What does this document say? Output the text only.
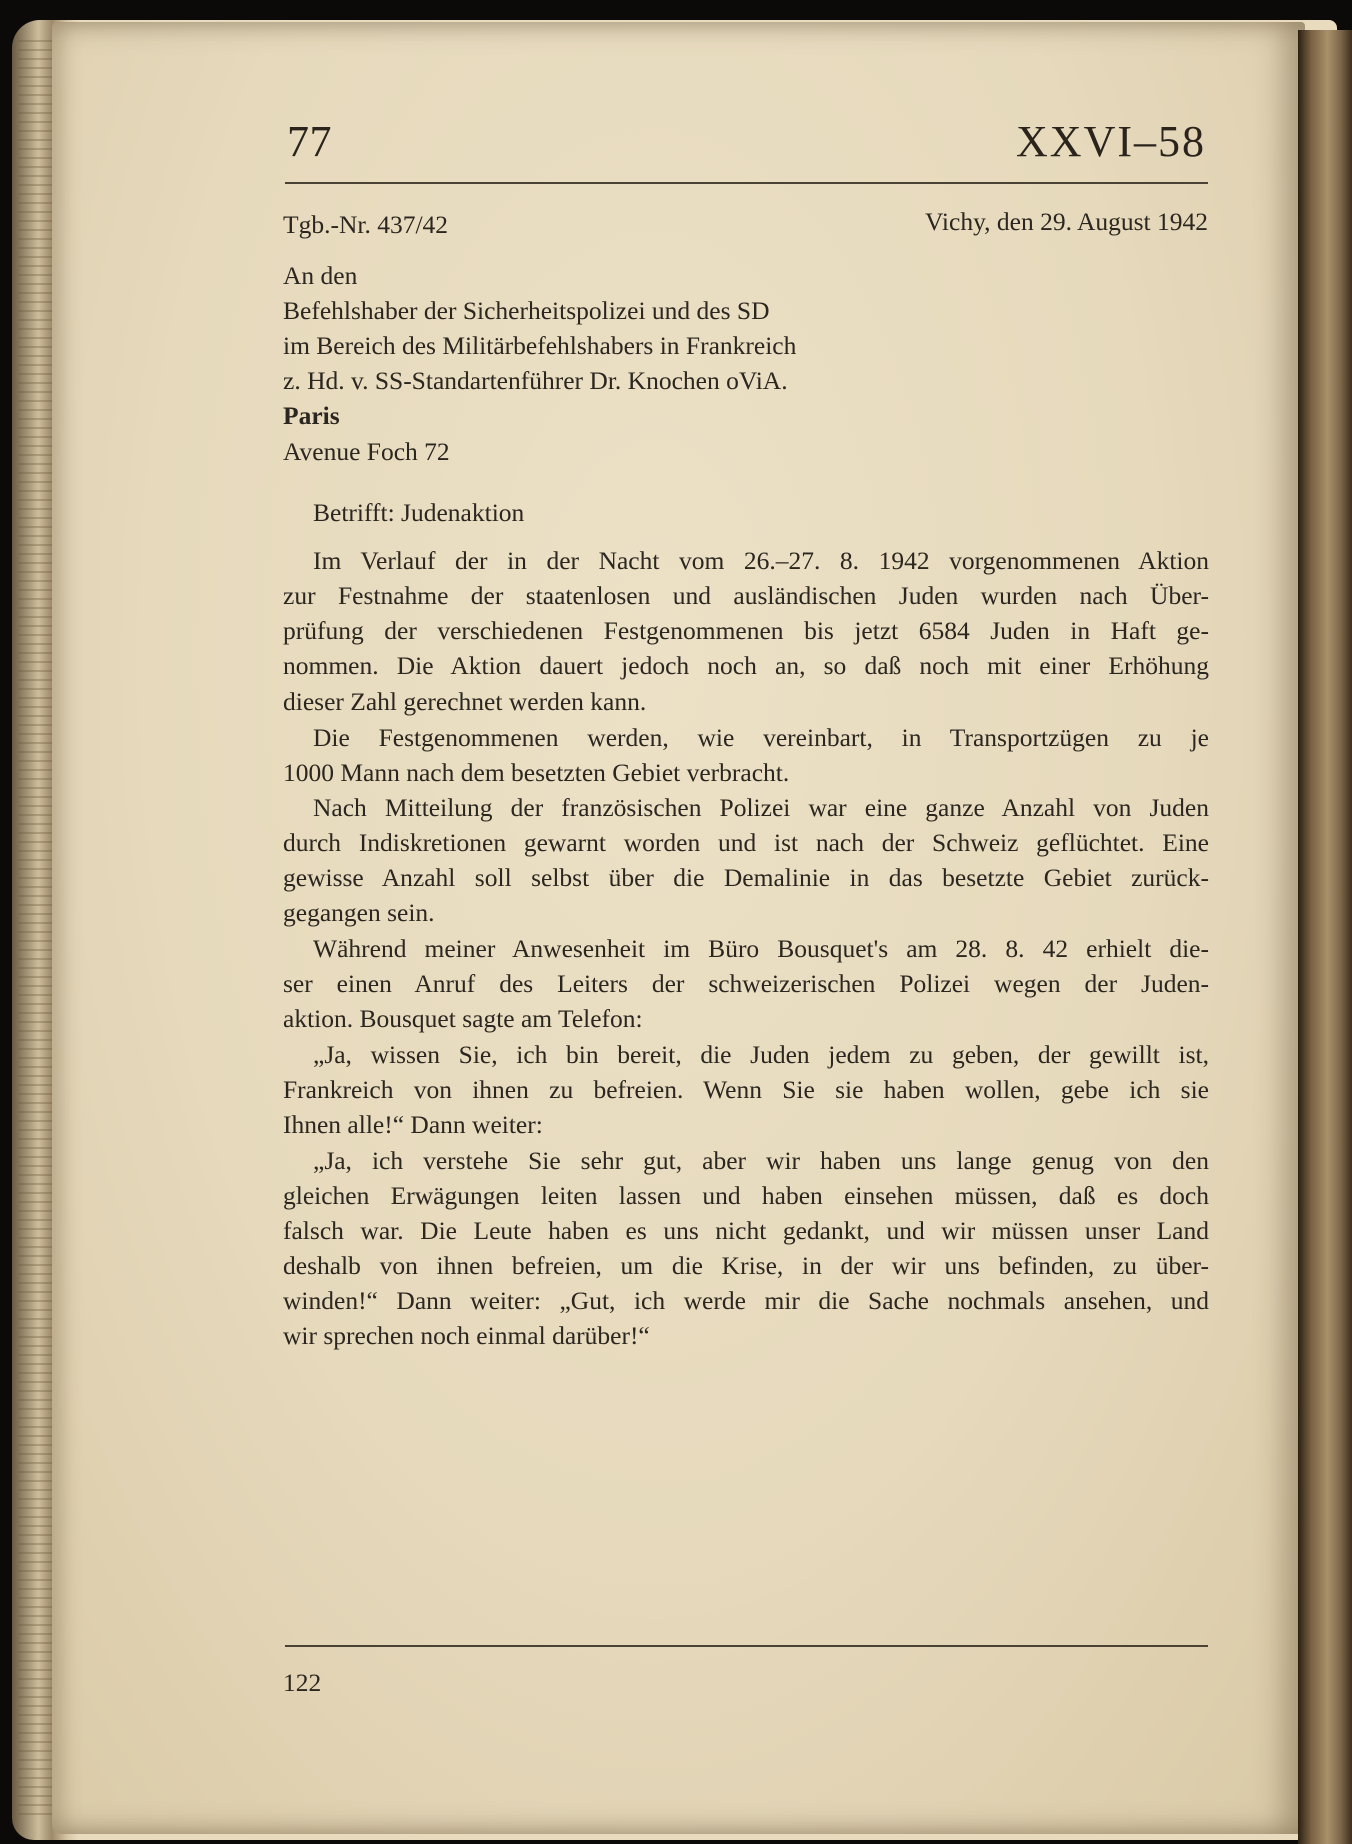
77	XXVI–58

Tgb.-Nr. 437/42	Vichy, den 29. August 1942

An den

Befehlshaber der Sicherheitspolizei und des SD

im Bereich des Militärbefehlshabers in Frankreich

z. Hd. v. SS-Standartenführer Dr. Knochen oViA.

Paris

Avenue Foch 72

Betrifft: Judenaktion

Im Verlauf der in der Nacht vom 26.–27. 8. 1942 vorgenommenen Aktion

zur Festnahme der staatenlosen und ausländischen Juden wurden nach Über-

prüfung der verschiedenen Festgenommenen bis jetzt 6584 Juden in Haft ge-

nommen. Die Aktion dauert jedoch noch an, so daß noch mit einer Erhöhung

dieser Zahl gerechnet werden kann.

Die Festgenommenen werden, wie vereinbart, in Transportzügen zu je

1000 Mann nach dem besetzten Gebiet verbracht.

Nach Mitteilung der französischen Polizei war eine ganze Anzahl von Juden

durch Indiskretionen gewarnt worden und ist nach der Schweiz geflüchtet. Eine

gewisse Anzahl soll selbst über die Demalinie in das besetzte Gebiet zurück-

gegangen sein.

Während meiner Anwesenheit im Büro Bousquet's am 28. 8. 42 erhielt die-

ser einen Anruf des Leiters der schweizerischen Polizei wegen der Juden-

aktion. Bousquet sagte am Telefon:

„Ja, wissen Sie, ich bin bereit, die Juden jedem zu geben, der gewillt ist,

Frankreich von ihnen zu befreien. Wenn Sie sie haben wollen, gebe ich sie

Ihnen alle!“ Dann weiter:

„Ja, ich verstehe Sie sehr gut, aber wir haben uns lange genug von den

gleichen Erwägungen leiten lassen und haben einsehen müssen, daß es doch

falsch war. Die Leute haben es uns nicht gedankt, und wir müssen unser Land

deshalb von ihnen befreien, um die Krise, in der wir uns befinden, zu über-

winden!“ Dann weiter: „Gut, ich werde mir die Sache nochmals ansehen, und

wir sprechen noch einmal darüber!“

122
